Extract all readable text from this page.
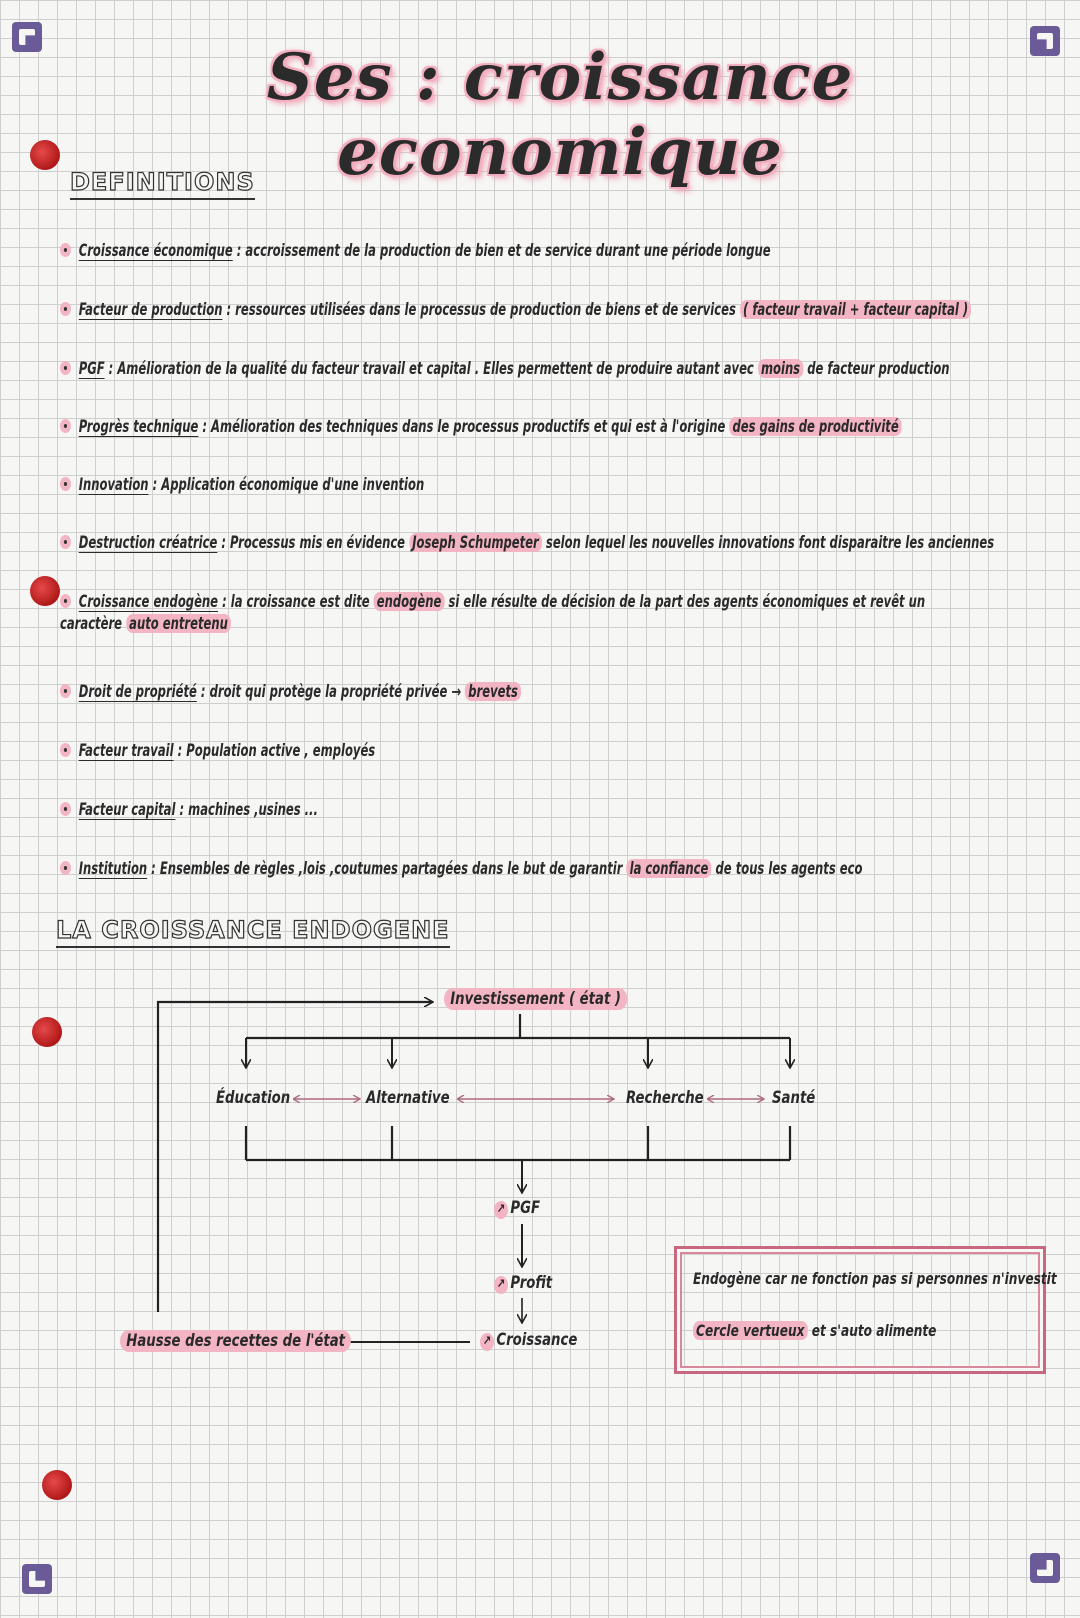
Ses : croissance economique
DEFINITIONS
Croissance économique : accroissement de la production de bien et de service durant une période longue
Facteur de production : ressources utilisées dans le processus de production de biens et de services ( facteur travail + facteur capital )
PGF : Amélioration de la qualité du facteur travail et capital . Elles permettent de produire autant avec moins de facteur production
Progrès technique : Amélioration des techniques dans le processus productifs et qui est à l'origine des gains de productivité
Innovation : Application économique d'une invention
Destruction créatrice : Processus mis en évidence Joseph Schumpeter selon lequel les nouvelles innovations font disparaitre les anciennes
Croissance endogène : la croissance est dite endogène si elle résulte de décision de la part des agents économiques et revêt un caractère auto entretenu
Droit de propriété : droit qui protège la propriété privée → brevets
Facteur travail : Population active , employés
Facteur capital : machines ,usines ...
Institution : Ensembles de règles ,lois ,coutumes partagées dans le but de garantir la confiance de tous les agents eco
LA CROISSANCE ENDOGENE
Investissement ( état )
Éducation	Alternative	Recherche	Santé
↗ PGF
↗ Profit
↗ Croissance
Hausse des recettes de l'état
Endogène car ne fonction pas si personnes n'investit
Cercle vertueux et s'auto alimente
